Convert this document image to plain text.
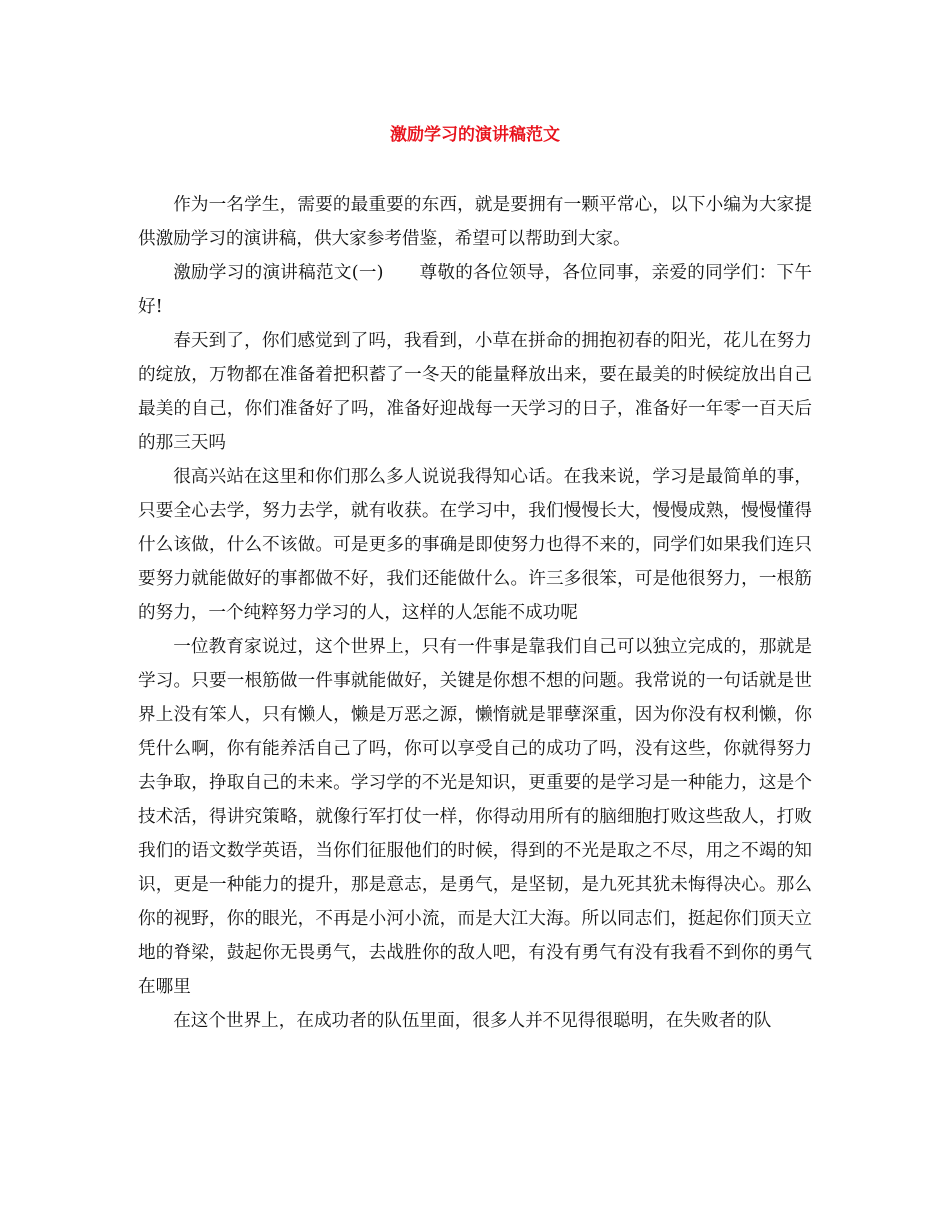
激励学习的演讲稿范文

作为一名学生，需要的最重要的东西，就是要拥有一颗平常心，以下小编为大家提供激励学习的演讲稿，供大家参考借鉴，希望可以帮助到大家。

激励学习的演讲稿范文(一)　　尊敬的各位领导，各位同事，亲爱的同学们：下午好!

春天到了，你们感觉到了吗，我看到，小草在拼命的拥抱初春的阳光，花儿在努力的绽放，万物都在准备着把积蓄了一冬天的能量释放出来，要在最美的时候绽放出自己最美的自己，你们准备好了吗，准备好迎战每一天学习的日子，准备好一年零一百天后的那三天吗

很高兴站在这里和你们那么多人说说我得知心话。在我来说，学习是最简单的事，只要全心去学，努力去学，就有收获。在学习中，我们慢慢长大，慢慢成熟，慢慢懂得什么该做，什么不该做。可是更多的事确是即使努力也得不来的，同学们如果我们连只要努力就能做好的事都做不好，我们还能做什么。许三多很笨，可是他很努力，一根筋的努力，一个纯粹努力学习的人，这样的人怎能不成功呢

一位教育家说过，这个世界上，只有一件事是靠我们自己可以独立完成的，那就是学习。只要一根筋做一件事就能做好，关键是你想不想的问题。我常说的一句话就是世界上没有笨人，只有懒人，懒是万恶之源，懒惰就是罪孽深重，因为你没有权利懒，你凭什么啊，你有能养活自己了吗，你可以享受自己的成功了吗，没有这些，你就得努力去争取，挣取自己的未来。学习学的不光是知识，更重要的是学习是一种能力，这是个技术活，得讲究策略，就像行军打仗一样，你得动用所有的脑细胞打败这些敌人，打败我们的语文数学英语，当你们征服他们的时候，得到的不光是取之不尽，用之不竭的知识，更是一种能力的提升，那是意志，是勇气，是坚韧，是九死其犹未悔得决心。那么你的视野，你的眼光，不再是小河小流，而是大江大海。所以同志们，挺起你们顶天立地的脊梁，鼓起你无畏勇气，去战胜你的敌人吧，有没有勇气有没有我看不到你的勇气在哪里

在这个世界上，在成功者的队伍里面，很多人并不见得很聪明，在失败者的队
